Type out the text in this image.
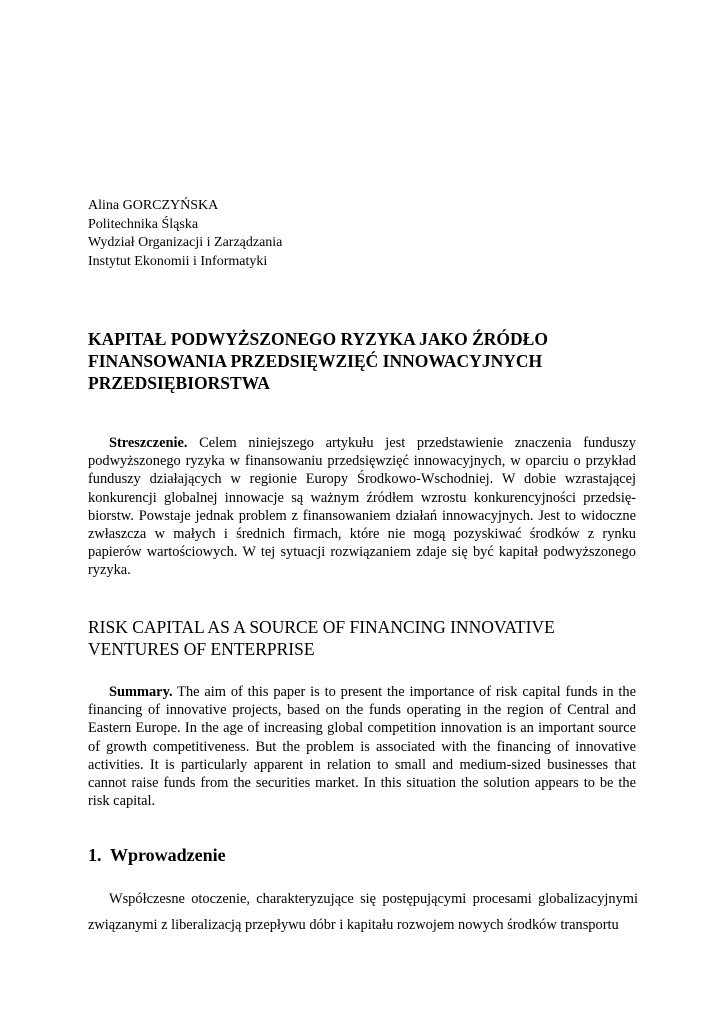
Alina GORCZYŃSKA
Politechnika Śląska
Wydział Organizacji i Zarządzania
Instytut Ekonomii i Informatyki
KAPITAŁ PODWYŻSZONEGO RYZYKA JAKO ŹRÓDŁO FINANSOWANIA PRZEDSIĘWZIĘĆ INNOWACYJNYCH PRZEDSIĘBIORSTWA

Streszczenie. Celem niniejszego artykułu jest przedstawienie znaczenia funduszy podwyższonego ryzyka w finansowaniu przedsięwzięć innowacyjnych, w oparciu o przykład funduszy działających w regionie Europy Środkowo-Wschodniej. W dobie wzrastającej konkurencji globalnej innowacje są ważnym źródłem wzrostu konkurencyjności przedsiębiorstw. Powstaje jednak problem z finansowaniem działań innowacyjnych. Jest to widoczne zwłaszcza w małych i średnich firmach, które nie mogą pozyskiwać środków z rynku papierów wartościowych. W tej sytuacji rozwiązaniem zdaje się być kapitał podwyższonego ryzyka.

RISK CAPITAL AS A SOURCE OF FINANCING INNOVATIVE VENTURES OF ENTERPRISE

Summary. The aim of this paper is to present the importance of risk capital funds in the financing of innovative projects, based on the funds operating in the region of Central and Eastern Europe. In the age of increasing global competition innovation is an important source of growth competitiveness. But the problem is associated with the financing of innovative activities. It is particularly apparent in relation to small and medium-sized businesses that cannot raise funds from the securities market. In this situation the solution appears to be the risk capital.

1. Wprowadzenie

Współczesne otoczenie, charakteryzujące się postępującymi procesami globalizacyjnymi związanymi z liberalizacją przepływu dóbr i kapitału rozwojem nowych środków transportu
